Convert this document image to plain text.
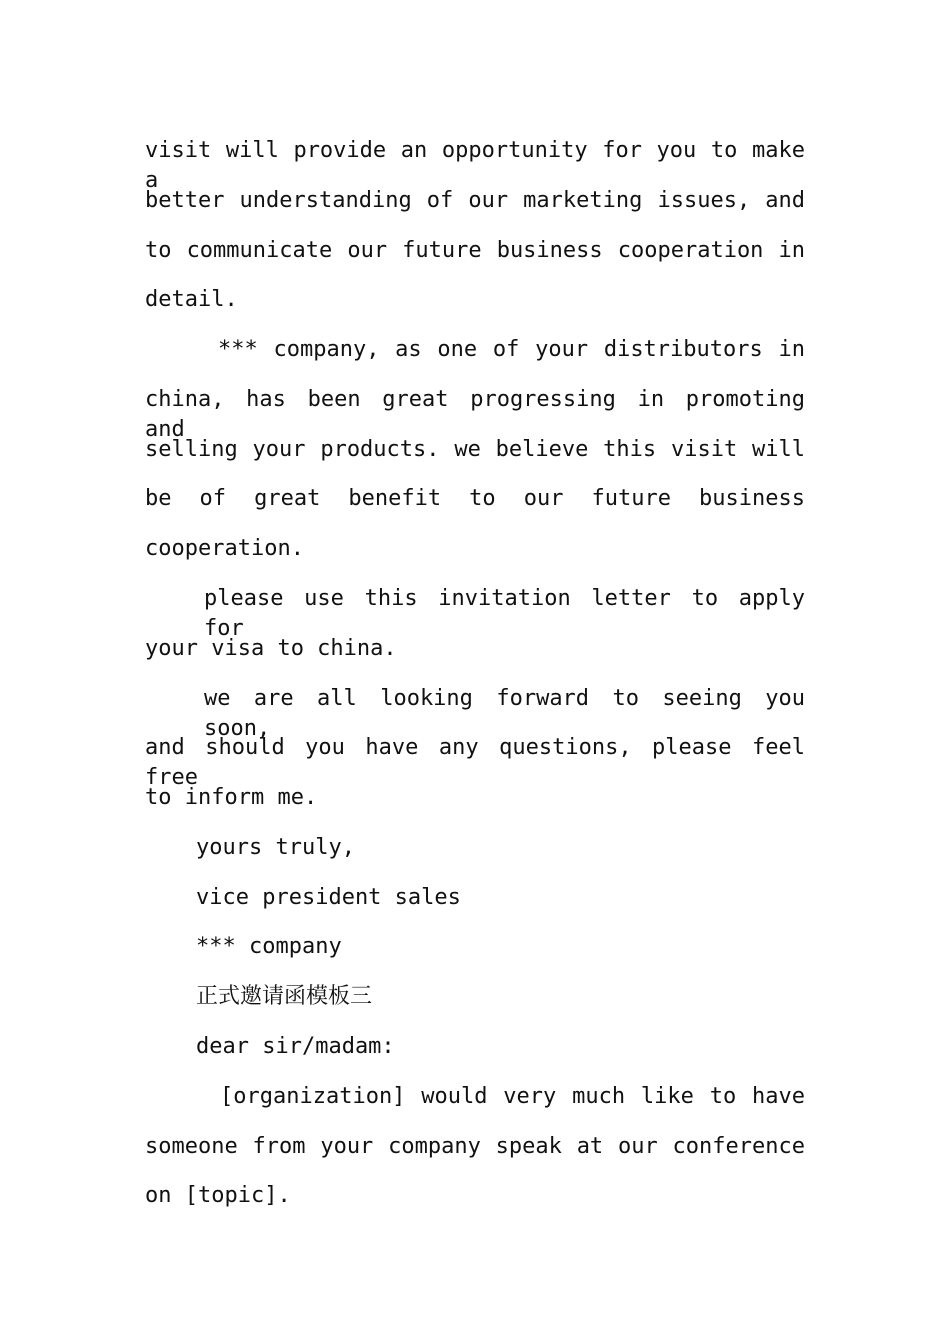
visit will provide an opportunity for you to make a
better understanding of our marketing issues, and
to communicate our future business cooperation in
detail.
*** company, as one of your distributors in
china, has been great progressing in promoting and
selling your products. we believe this visit will
be of great benefit to our future business
cooperation.
please use this invitation letter to apply for
your visa to china.
we are all looking forward to seeing you soon,
and should you have any questions, please feel free
to inform me.
yours truly,
vice president sales
*** company
正式邀请函模板三
dear sir/madam:
[organization] would very much like to have
someone from your company speak at our conference
on [topic].
